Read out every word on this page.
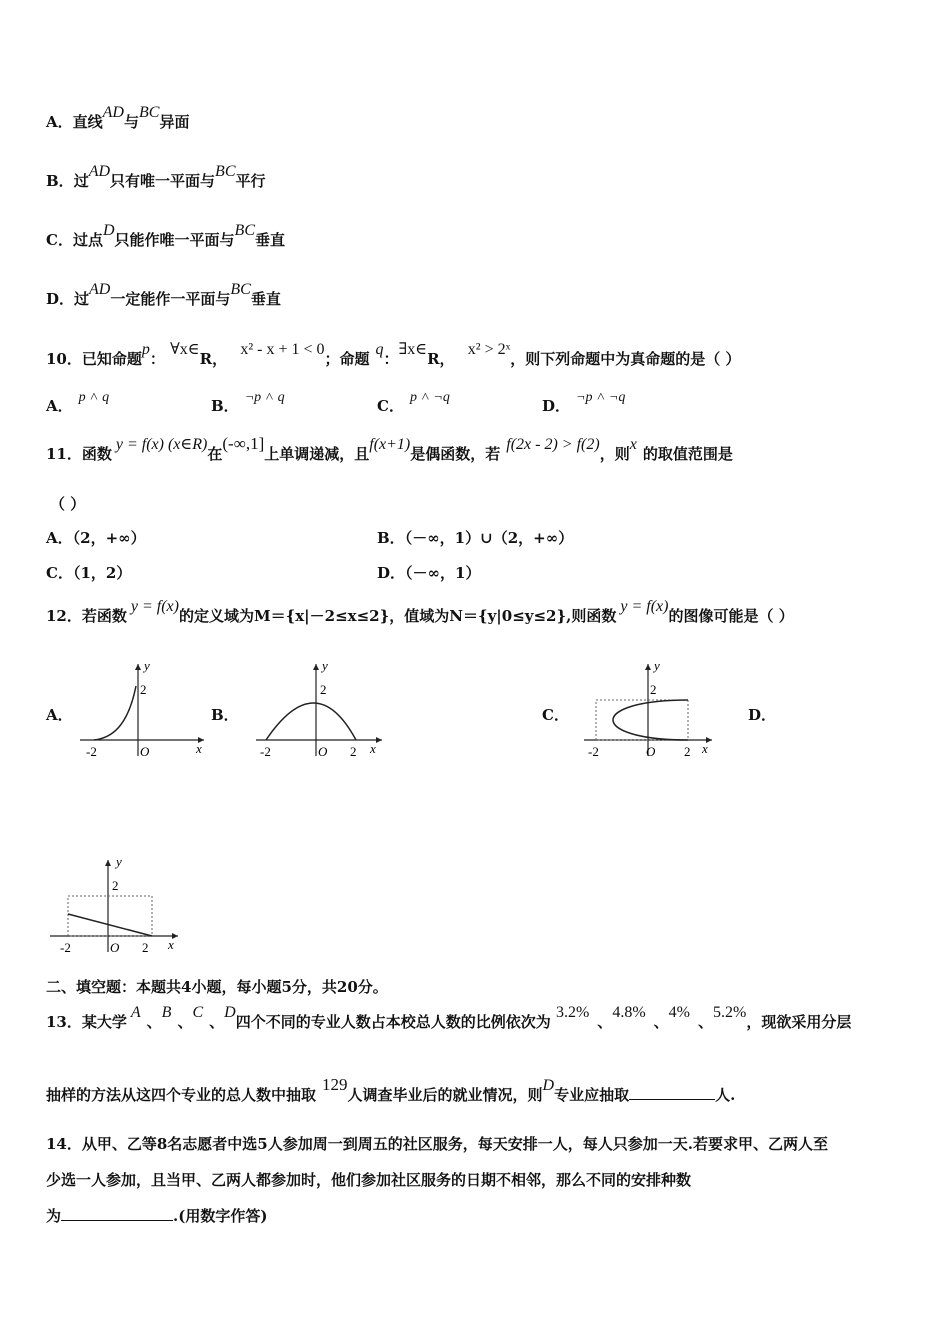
A．直线AD与BC异面
B．过AD只有唯一平面与BC平行
C．过点D只能作唯一平面与BC垂直
D．过AD一定能作一平面与BC垂直
10．已知命题p： ∀x∈R， x² - x + 1 < 0；命题q：∃x∈R， x² > 2ˣ，则下列命题中为真命题的是（ ）
A． p ˄ q	B． ¬p ˄ q	C． p ˄ ¬q	D． ¬p ˄ ¬q
11．函数y = f(x) (x∈R)在(-∞,1]上单调递减，且f(x+1)是偶函数，若f(2x - 2) > f(2)，则x的取值范围是
（ ）
A．（2，+∞）	B．（－∞，1）∪（2，+∞）
C．（1，2）	D．（－∞，1）
12．若函数y = f(x)的定义域为M＝{x|－2≤x≤2}，值域为N＝{y|0≤y≤2},则函数y = f(x)的图像可能是（ ）
A．	B．	C．	D．
y
2
-2	O	x
y
2
-2	O 2 x
y
2
-2	O 2 x
y
2
-2	O 2 x
二、填空题：本题共4小题，每小题5分，共20分。
13．某大学A、B、C、D四个不同的专业人数占本校总人数的比例依次为 3.2%、4.8%、4%、5.2%，现欲采用分层
抽样的方法从这四个专业的总人数中抽取129人调查毕业后的就业情况，则D专业应抽取	人.
14．从甲、乙等8名志愿者中选5人参加周一到周五的社区服务，每天安排一人，每人只参加一天.若要求甲、乙两人至
少选一人参加，且当甲、乙两人都参加时，他们参加社区服务的日期不相邻，那么不同的安排种数
为	.(用数字作答)
